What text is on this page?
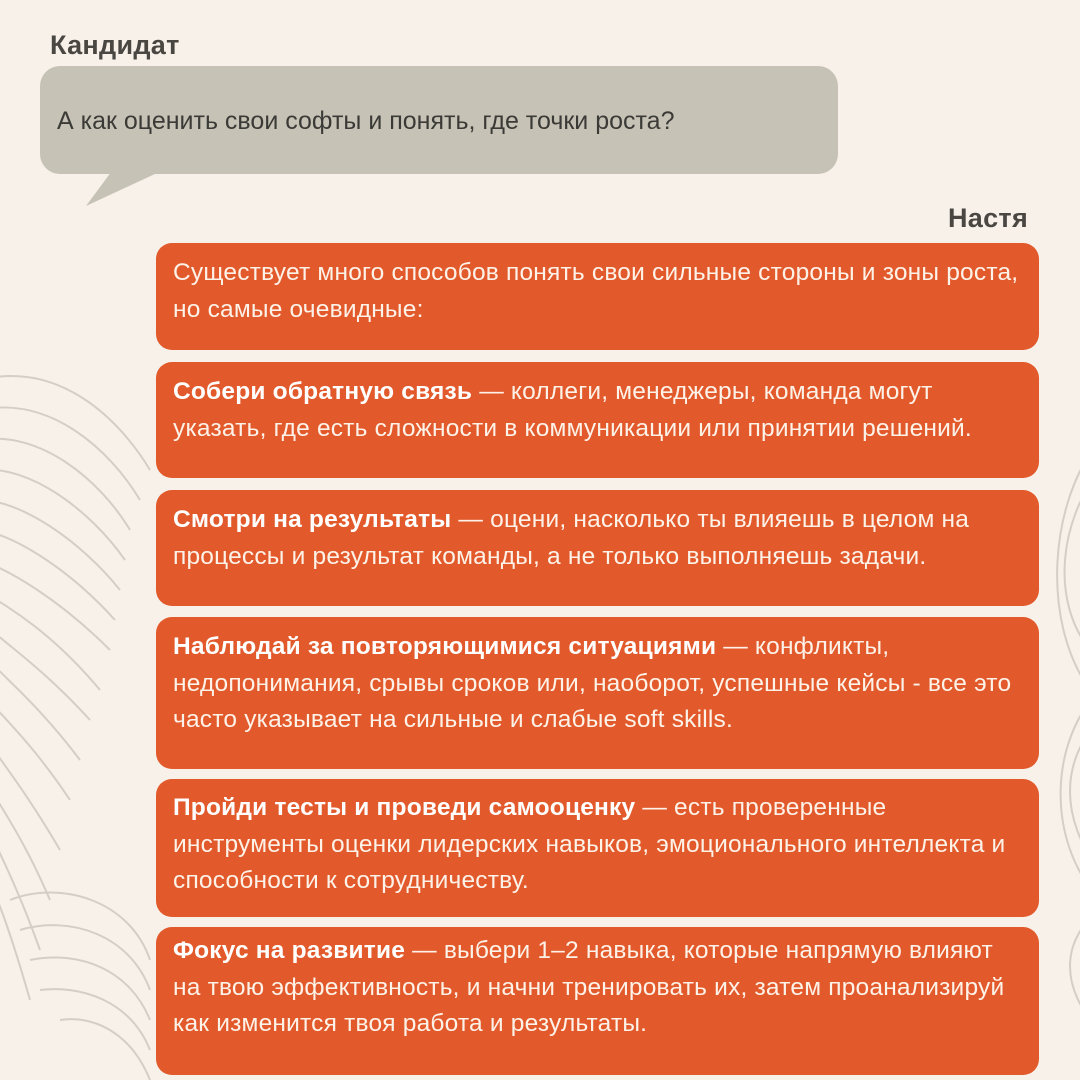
Кандидат
А как оценить свои софты и понять, где точки роста?
Настя
Существует много способов понять свои сильные стороны и зоны роста, но самые очевидные:
Собери обратную связь — коллеги, менеджеры, команда могут указать, где есть сложности в коммуникации или принятии решений.
Смотри на результаты — оцени, насколько ты влияешь в целом на процессы и результат команды, а не только выполняешь задачи.
Наблюдай за повторяющимися ситуациями — конфликты, недопонимания, срывы сроков или, наоборот, успешные кейсы - все это часто указывает на сильные и слабые soft skills.
Пройди тесты и проведи самооценку — есть проверенные инструменты оценки лидерских навыков, эмоционального интеллекта и способности к сотрудничеству.
Фокус на развитие — выбери 1–2 навыка, которые напрямую влияют на твою эффективность, и начни тренировать их, затем проанализируй как изменится твоя работа и результаты.
